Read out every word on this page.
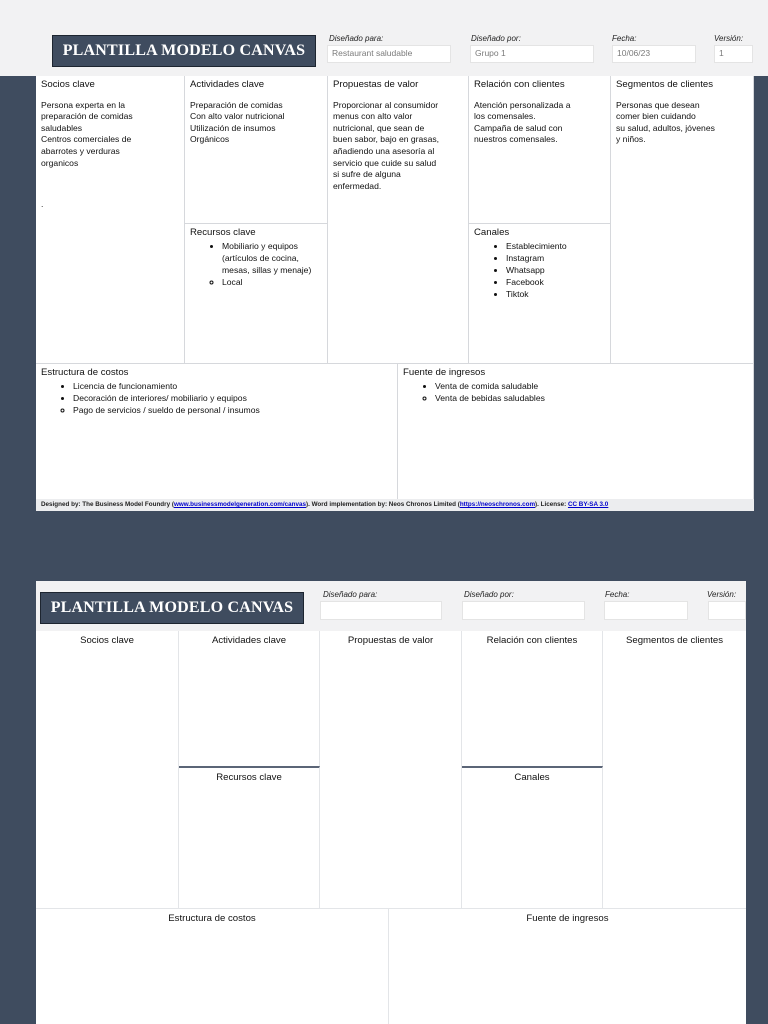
PLANTILLA MODELO CANVAS
Diseñado para:
Restaurant saludable
Diseñado por:
Grupo 1
Fecha:
10/06/23
Versión:
1
Socios clave
Persona experta en la
preparación de comidas
saludables
Centros comerciales de
abarrotes y verduras
organicos
.
Actividades clave
Preparación de comidas
Con alto valor nutricional
Utilización de insumos
Orgánicos
Recursos clave
• Mobiliario y equipos (artículos de cocina, mesas, sillas y menaje)
◦ Local
Propuestas de valor
Proporcionar al consumidor
menus con alto valor
nutricional, que sean de
buen sabor, bajo en grasas,
añadiendo una asesoría al
servicio que cuide su salud
si sufre de alguna
enfermedad.
Relación con clientes
Atención personalizada a
los comensales.
Campaña de salud con
nuestros comensales.
Canales
• Establecimiento
• Instagram
• Whatsapp
• Facebook
• Tiktok
Segmentos de clientes
Personas que desean
comer bien cuidando
su salud, adultos, jóvenes
y niños.
Estructura de costos
• Licencia de funcionamiento
• Decoración de interiores/ mobiliario y equipos
◦ Pago de servicios / sueldo de personal / insumos
Fuente de ingresos
• Venta de comida saludable
◦ Venta de bebidas saludables
Designed by: The Business Model Foundry (www.businessmodelgeneration.com/canvas). Word implementation by: Neos Chronos Limited (https://neoschronos.com). License: CC BY-SA 3.0
PLANTILLA MODELO CANVAS
Diseñado para:	Diseñado por:	Fecha:	Versión:
Socios clave	Actividades clave
Recursos clave
Propuestas de valor	Relación con clientes
Canales
Segmentos de clientes
Estructura de costos	Fuente de ingresos
